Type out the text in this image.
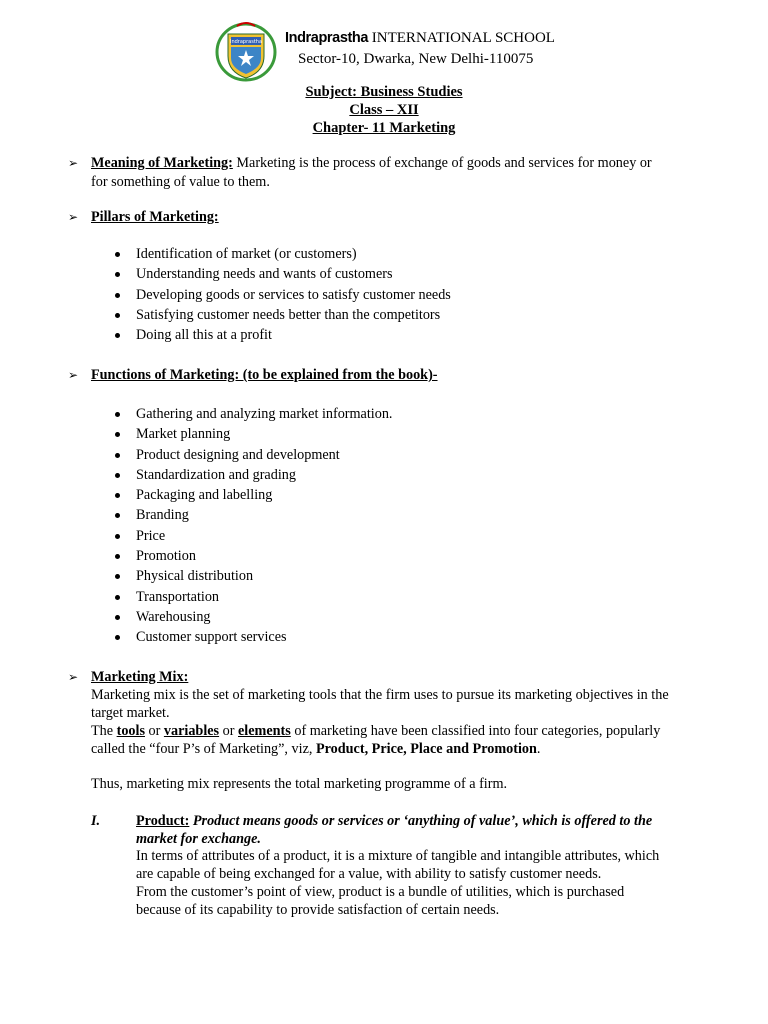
Indraprastha Indraprastha INTERNATIONAL SCHOOL
Sector-10, Dwarka, New Delhi-110075
Subject: Business Studies
Class – XII
Chapter- 11 Marketing
➢ Meaning of Marketing: Marketing is the process of exchange of goods and services for money or
for something of value to them.
➢ Pillars of Marketing:
Identification of market (or customers)
Understanding needs and wants of customers
Developing goods or services to satisfy customer needs
Satisfying customer needs better than the competitors
Doing all this at a profit
➢ Functions of Marketing: (to be explained from the book)-
Gathering and analyzing market information.
Market planning
Product designing and development
Standardization and grading
Packaging and labelling
Branding
Price
Promotion
Physical distribution
Transportation
Warehousing
Customer support services
➢ Marketing Mix:
Marketing mix is the set of marketing tools that the firm uses to pursue its marketing objectives in the
target market.
The tools or variables or elements of marketing have been classified into four categories, popularly
called the “four P’s of Marketing”, viz, Product, Price, Place and Promotion.
Thus, marketing mix represents the total marketing programme of a firm.
I.	Product: Product means goods or services or ‘anything of value’, which is offered to the
market for exchange.
In terms of attributes of a product, it is a mixture of tangible and intangible attributes, which
are capable of being exchanged for a value, with ability to satisfy customer needs.
From the customer’s point of view, product is a bundle of utilities, which is purchased
because of its capability to provide satisfaction of certain needs.
